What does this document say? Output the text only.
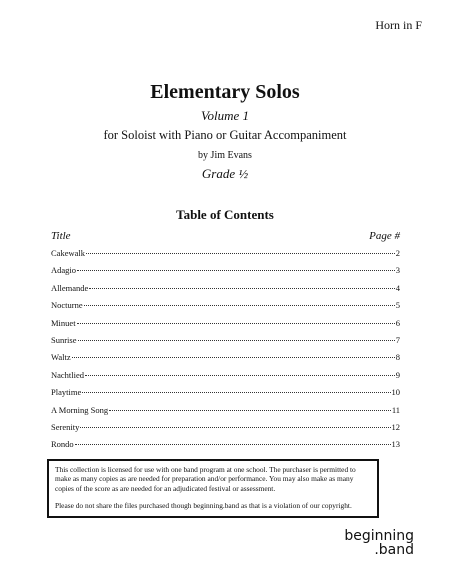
Horn in F
Elementary Solos
Volume 1
for Soloist with Piano or Guitar Accompaniment
by Jim Evans
Grade ½
Table of Contents
Title	Page #
Cakewalk	2
Adagio	3
Allemande	4
Nocturne	5
Minuet	6
Sunrise	7
Waltz	8
Nachtlied	9
Playtime	10
A Morning Song	11
Serenity	12
Rondo	13

This collection is licensed for use with one band program at one school. The purchaser is permitted to make as many copies as are needed for preparation and/or performance. You may also make as many copies of the score as are needed for an adjudicated festival or assessment.

Please do not share the files purchased though beginning.band as that is a violation of our copyright.

beginning
.band
